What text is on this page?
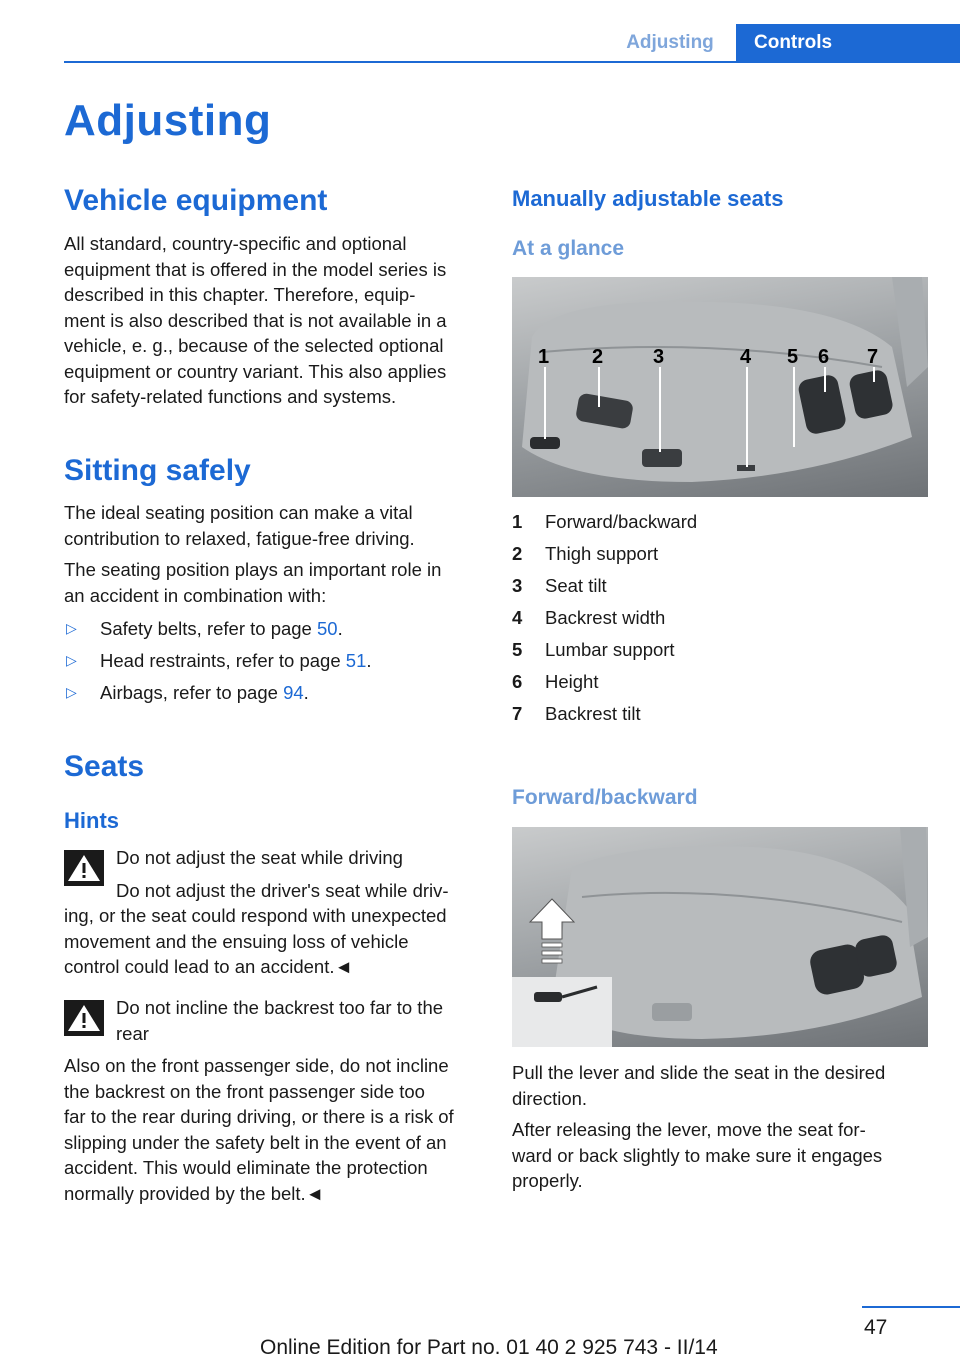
Adjusting	Controls
Adjusting
Vehicle equipment
All standard, country-specific and optional
equipment that is offered in the model series is
described in this chapter. Therefore, equip-
ment is also described that is not available in a
vehicle, e. g., because of the selected optional
equipment or country variant. This also applies
for safety-related functions and systems.
Sitting safely
The ideal seating position can make a vital
contribution to relaxed, fatigue-free driving.
The seating position plays an important role in
an accident in combination with:
▷	Safety belts, refer to page 50.
▷	Head restraints, refer to page 51.
▷	Airbags, refer to page 94.
Seats
Hints
Do not adjust the seat while driving
Do not adjust the driver's seat while driv-
ing, or the seat could respond with unexpected
movement and the ensuing loss of vehicle
control could lead to an accident.◄
Do not incline the backrest too far to the
rear
Also on the front passenger side, do not incline
the backrest on the front passenger side too
far to the rear during driving, or there is a risk of
slipping under the safety belt in the event of an
accident. This would eliminate the protection
normally provided by the belt.◄
Manually adjustable seats
At a glance
1 2 3	4 5 6 7
1	Forward/backward
2	Thigh support
3	Seat tilt
4	Backrest width
5	Lumbar support
6	Height
7	Backrest tilt
Forward/backward
Pull the lever and slide the seat in the desired
direction.
After releasing the lever, move the seat for-
ward or back slightly to make sure it engages
properly.
47
Online Edition for Part no. 01 40 2 925 743 - II/14
